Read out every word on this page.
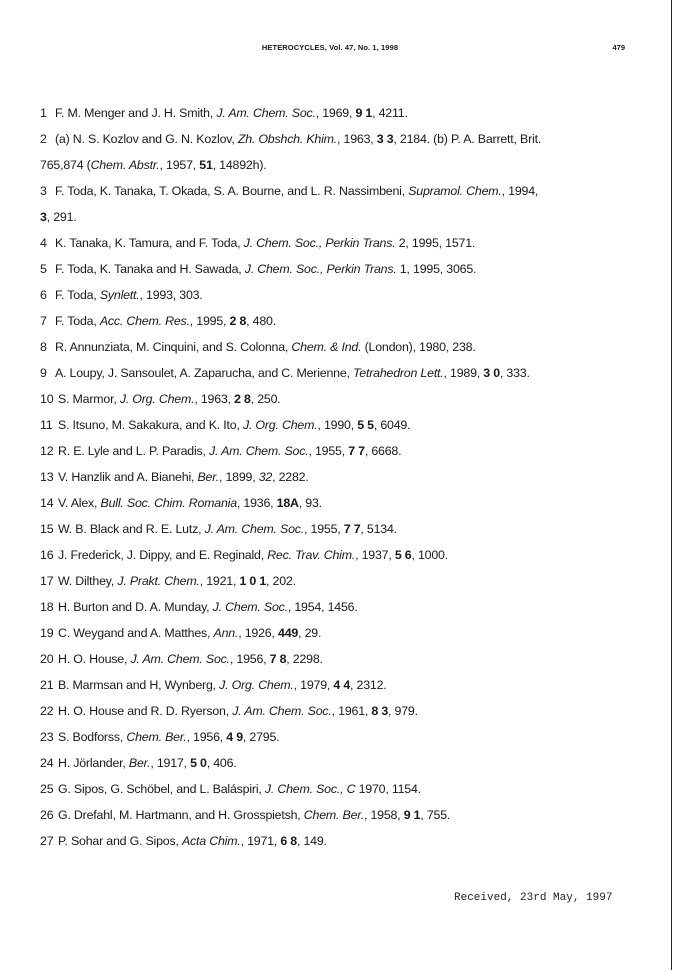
HETEROCYCLES, Vol. 47, No. 1, 1998	479
1 F. M. Menger and J. H. Smith, J. Am. Chem. Soc., 1969, 9 1, 4211.
2 (a) N. S. Kozlov and G. N. Kozlov, Zh. Obshch. Khim., 1963, 3 3, 2184. (b) P. A. Barrett, Brit.
765,874 (Chem. Abstr., 1957, 51, 14892h).
3 F. Toda, K. Tanaka, T. Okada, S. A. Bourne, and L. R. Nassimbeni, Supramol. Chem., 1994,
3, 291.
4 K. Tanaka, K. Tamura, and F. Toda, J. Chem. Soc., Perkin Trans. 2, 1995, 1571.
5 F. Toda, K. Tanaka and H. Sawada, J. Chem. Soc., Perkin Trans. 1, 1995, 3065.
6 F. Toda, Synlett., 1993, 303.
7 F. Toda, Acc. Chem. Res., 1995, 2 8, 480.
8 R. Annunziata, M. Cinquini, and S. Colonna, Chem. & Ind. (London), 1980, 238.
9 A. Loupy, J. Sansoulet, A. Zaparucha, and C. Merienne, Tetrahedron Lett., 1989, 3 0, 333.
10 S. Marmor, J. Org. Chem., 1963, 2 8, 250.
11 S. Itsuno, M. Sakakura, and K. Ito, J. Org. Chem., 1990, 5 5, 6049.
12 R. E. Lyle and L. P. Paradis, J. Am. Chem. Soc., 1955, 7 7, 6668.
13 V. Hanzlik and A. Bianehi, Ber., 1899, 32, 2282.
14 V. Alex, Bull. Soc. Chim. Romania, 1936, 18A, 93.
15 W. B. Black and R. E. Lutz, J. Am. Chem. Soc., 1955, 7 7, 5134.
16 J. Frederick, J. Dippy, and E. Reginald, Rec. Trav. Chim., 1937, 5 6, 1000.
17 W. Dilthey, J. Prakt. Chem., 1921, 1 0 1, 202.
18 H. Burton and D. A. Munday, J. Chem. Soc., 1954, 1456.
19 C. Weygand and A. Matthes, Ann., 1926, 449, 29.
20 H. O. House, J. Am. Chem. Soc., 1956, 7 8, 2298.
21 B. Marmsan and H, Wynberg, J. Org. Chem., 1979, 4 4, 2312.
22 H. O. House and R. D. Ryerson, J. Am. Chem. Soc., 1961, 8 3, 979.
23 S. Bodforss, Chem. Ber., 1956, 4 9, 2795.
24 H. Jörlander, Ber., 1917, 5 0, 406.
25 G. Sipos, G. Schöbel, and L. Baláspiri, J. Chem. Soc., C 1970, 1154.
26 G. Drefahl, M. Hartmann, and H. Grosspietsh, Chem. Ber., 1958, 9 1, 755.
27 P. Sohar and G. Sipos, Acta Chim., 1971, 6 8, 149.
Received, 23rd May, 1997
